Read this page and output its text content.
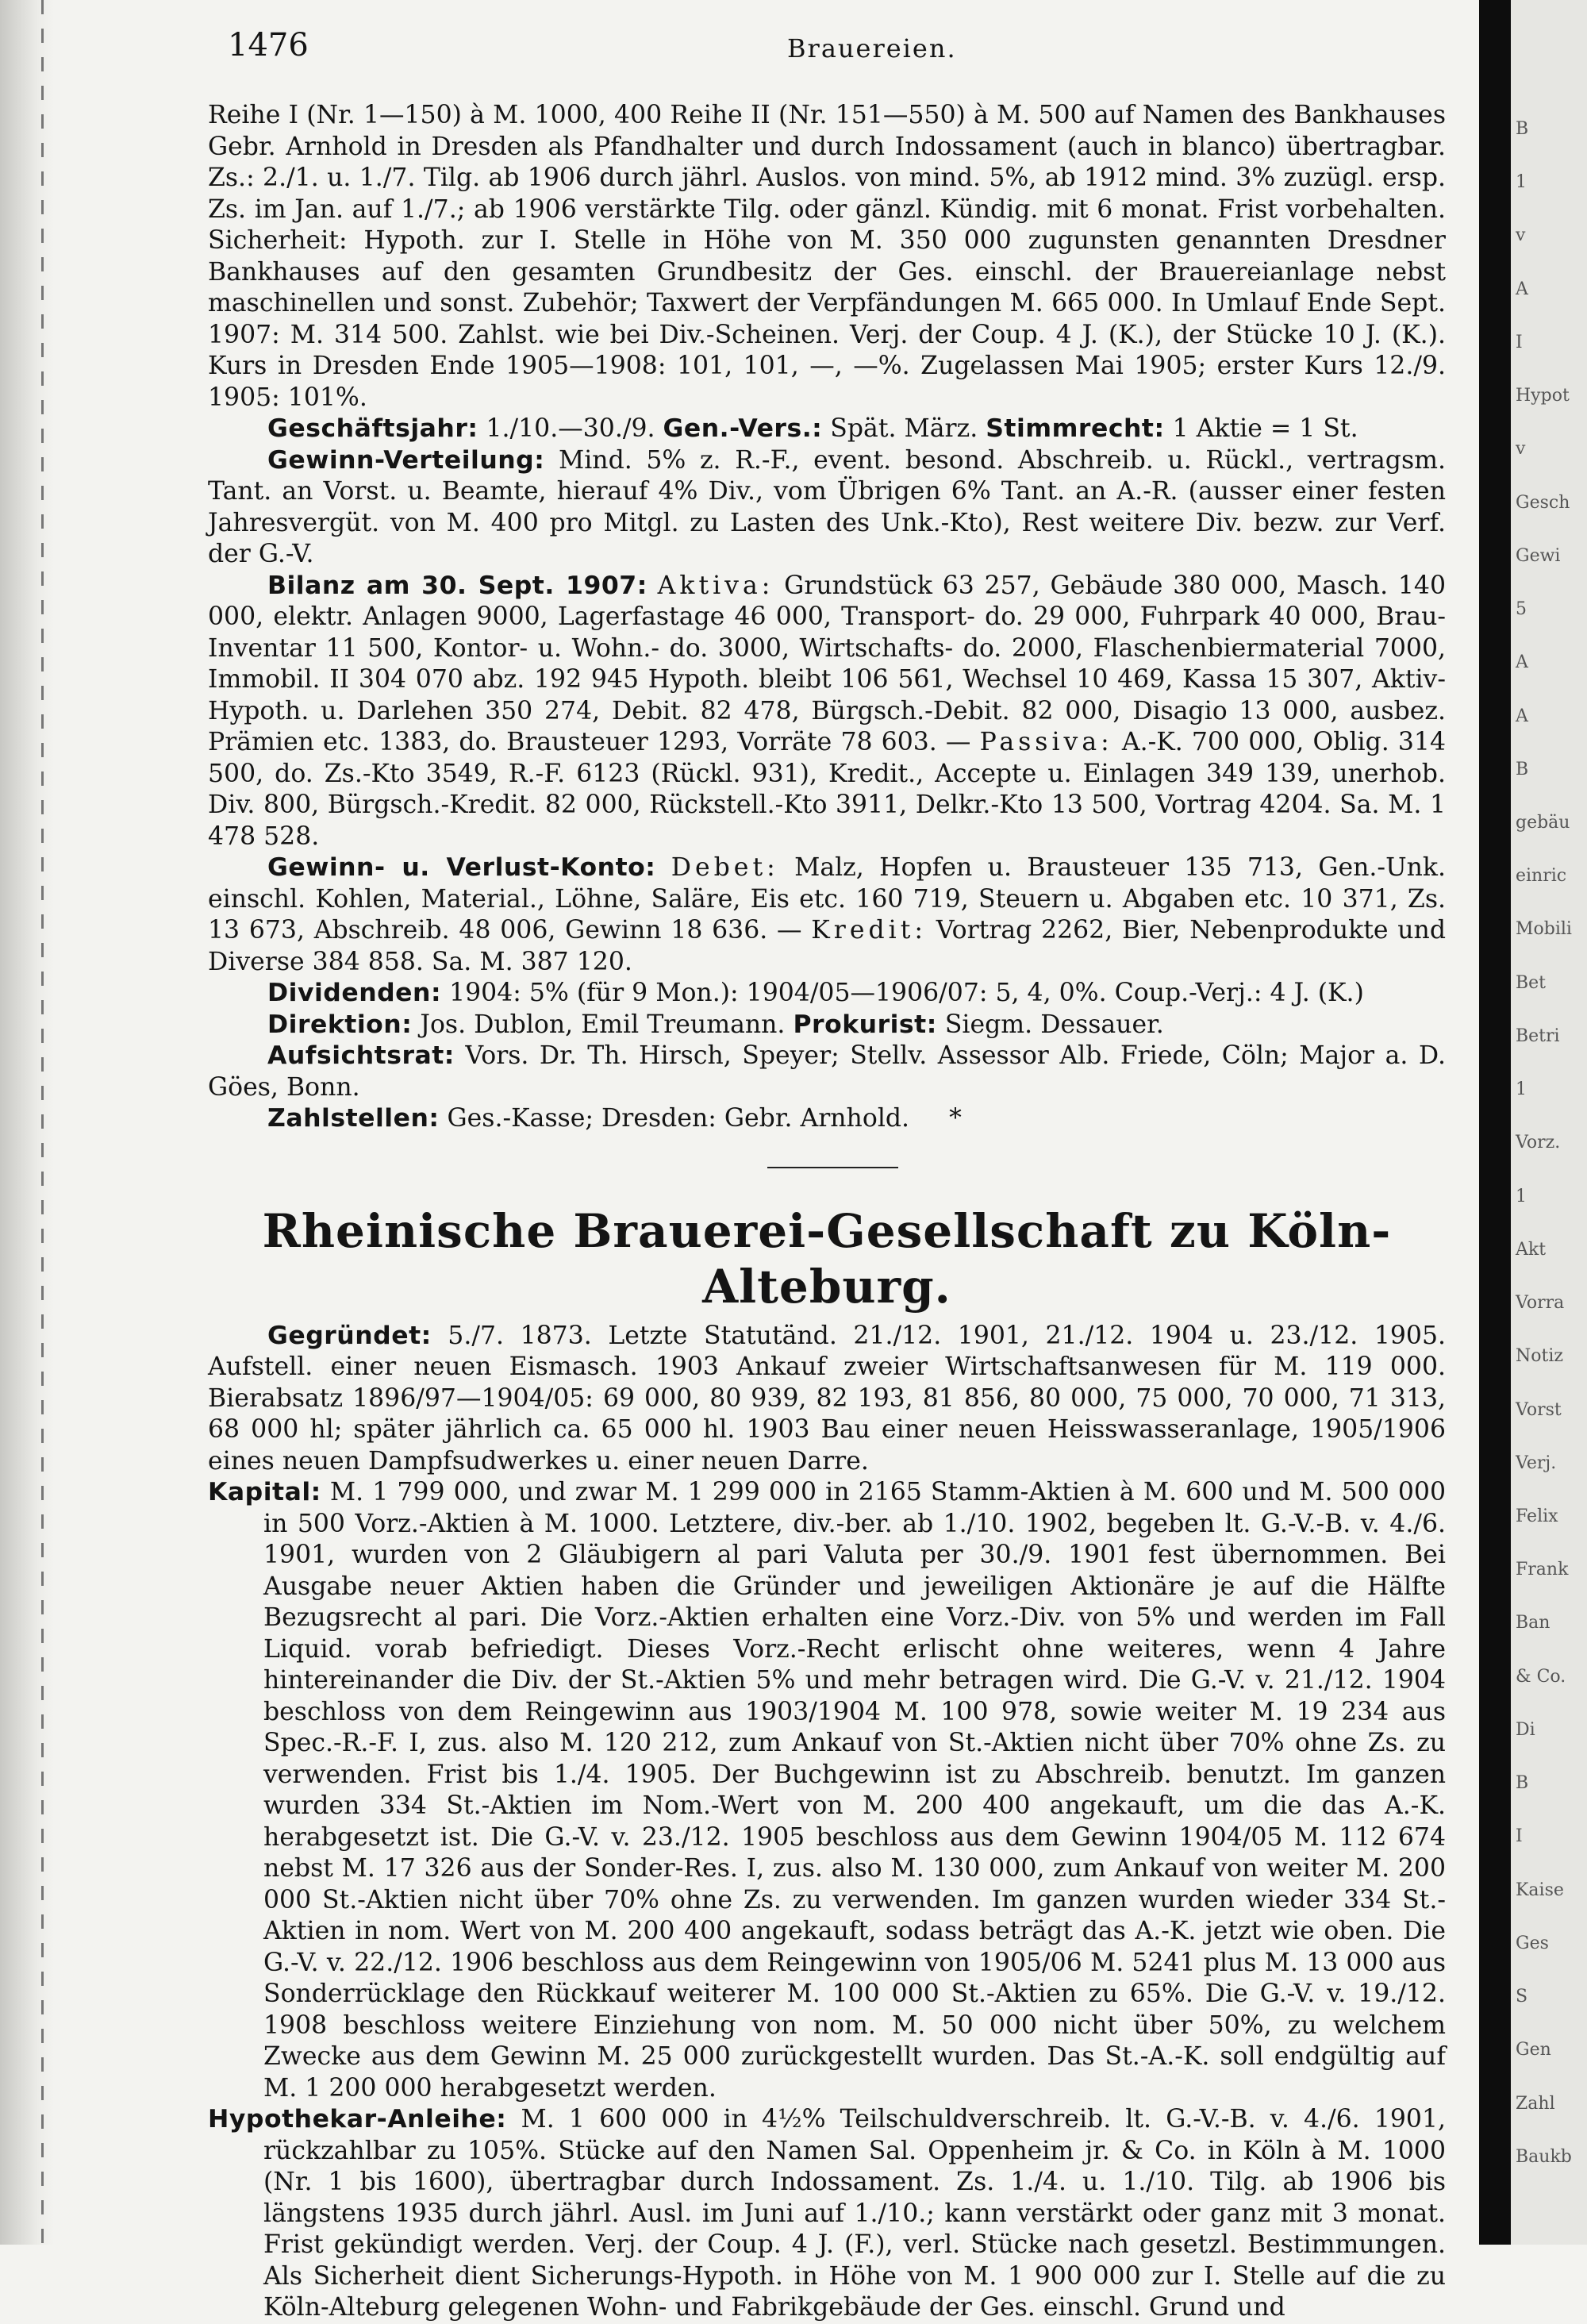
B
1
v
A
I
Hypot
v
Gesch
Gewi
5
A
A
B
gebäu
einric
Mobili
Bet
Betri
1
Vorz.
1
Akt
Vorra
Notiz
Vorst
Verj.
Felix
Frank
Ban
& Co.
Di
B
I
Kaise
Ges
S
Gen
Zahl
Baukb
1476	Brauereien.

Reihe I (Nr. 1—150) à M. 1000, 400 Reihe II (Nr. 151—550) à M. 500 auf Namen des Bankhauses Gebr. Arnhold in Dresden als Pfandhalter und durch Indossament (auch in blanco) übertragbar. Zs.: 2./1. u. 1./7. Tilg. ab 1906 durch jährl. Auslos. von mind. 5%, ab 1912 mind. 3% zuzügl. ersp. Zs. im Jan. auf 1./7.; ab 1906 verstärkte Tilg. oder gänzl. Kündig. mit 6 monat. Frist vorbehalten. Sicherheit: Hypoth. zur I. Stelle in Höhe von M. 350 000 zugunsten genannten Dresdner Bankhauses auf den gesamten Grundbesitz der Ges. einschl. der Brauereianlage nebst maschinellen und sonst. Zubehör; Taxwert der Verpfändungen M. 665 000. In Umlauf Ende Sept. 1907: M. 314 500. Zahlst. wie bei Div.-Scheinen. Verj. der Coup. 4 J. (K.), der Stücke 10 J. (K.). Kurs in Dresden Ende 1905—1908: 101, 101, —, —%. Zugelassen Mai 1905; erster Kurs 12./9. 1905: 101%.

Geschäftsjahr: 1./10.—30./9. Gen.-Vers.: Spät. März. Stimmrecht: 1 Aktie = 1 St.

Gewinn-Verteilung: Mind. 5% z. R.-F., event. besond. Abschreib. u. Rückl., vertragsm. Tant. an Vorst. u. Beamte, hierauf 4% Div., vom Übrigen 6% Tant. an A.-R. (ausser einer festen Jahresvergüt. von M. 400 pro Mitgl. zu Lasten des Unk.-Kto), Rest weitere Div. bezw. zur Verf. der G.-V.

Bilanz am 30. Sept. 1907: Aktiva: Grundstück 63 257, Gebäude 380 000, Masch. 140 000, elektr. Anlagen 9000, Lagerfastage 46 000, Transport- do. 29 000, Fuhrpark 40 000, Brau-Inventar 11 500, Kontor- u. Wohn.- do. 3000, Wirtschafts- do. 2000, Flaschenbiermaterial 7000, Immobil. II 304 070 abz. 192 945 Hypoth. bleibt 106 561, Wechsel 10 469, Kassa 15 307, Aktiv-Hypoth. u. Darlehen 350 274, Debit. 82 478, Bürgsch.-Debit. 82 000, Disagio 13 000, ausbez. Prämien etc. 1383, do. Brausteuer 1293, Vorräte 78 603. — Passiva: A.-K. 700 000, Oblig. 314 500, do. Zs.-Kto 3549, R.-F. 6123 (Rückl. 931), Kredit., Accepte u. Einlagen 349 139, unerhob. Div. 800, Bürgsch.-Kredit. 82 000, Rückstell.-Kto 3911, Delkr.-Kto 13 500, Vortrag 4204. Sa. M. 1 478 528.

Gewinn- u. Verlust-Konto: Debet: Malz, Hopfen u. Brausteuer 135 713, Gen.-Unk. einschl. Kohlen, Material., Löhne, Saläre, Eis etc. 160 719, Steuern u. Abgaben etc. 10 371, Zs. 13 673, Abschreib. 48 006, Gewinn 18 636. — Kredit: Vortrag 2262, Bier, Nebenprodukte und Diverse 384 858. Sa. M. 387 120.

Dividenden: 1904: 5% (für 9 Mon.): 1904/05—1906/07: 5, 4, 0%. Coup.-Verj.: 4 J. (K.)

Direktion: Jos. Dublon, Emil Treumann. Prokurist: Siegm. Dessauer.

Aufsichtsrat: Vors. Dr. Th. Hirsch, Speyer; Stellv. Assessor Alb. Friede, Cöln; Major a. D. Göes, Bonn.

Zahlstellen: Ges.-Kasse; Dresden: Gebr. Arnhold. *

Rheinische Brauerei-Gesellschaft zu Köln-Alteburg.

Gegründet: 5./7. 1873. Letzte Statutänd. 21./12. 1901, 21./12. 1904 u. 23./12. 1905. Aufstell. einer neuen Eismasch. 1903 Ankauf zweier Wirtschaftsanwesen für M. 119 000. Bierabsatz 1896/97—1904/05: 69 000, 80 939, 82 193, 81 856, 80 000, 75 000, 70 000, 71 313, 68 000 hl; später jährlich ca. 65 000 hl. 1903 Bau einer neuen Heisswasseranlage, 1905/1906 eines neuen Dampfsudwerkes u. einer neuen Darre.

Kapital: M. 1 799 000, und zwar M. 1 299 000 in 2165 Stamm-Aktien à M. 600 und M. 500 000 in 500 Vorz.-Aktien à M. 1000. Letztere, div.-ber. ab 1./10. 1902, begeben lt. G.-V.-B. v. 4./6. 1901, wurden von 2 Gläubigern al pari Valuta per 30./9. 1901 fest übernommen. Bei Ausgabe neuer Aktien haben die Gründer und jeweiligen Aktionäre je auf die Hälfte Bezugsrecht al pari. Die Vorz.-Aktien erhalten eine Vorz.-Div. von 5% und werden im Fall Liquid. vorab befriedigt. Dieses Vorz.-Recht erlischt ohne weiteres, wenn 4 Jahre hintereinander die Div. der St.-Aktien 5% und mehr betragen wird. Die G.-V. v. 21./12. 1904 beschloss von dem Reingewinn aus 1903/1904 M. 100 978, sowie weiter M. 19 234 aus Spec.-R.-F. I, zus. also M. 120 212, zum Ankauf von St.-Aktien nicht über 70% ohne Zs. zu verwenden. Frist bis 1./4. 1905. Der Buchgewinn ist zu Abschreib. benutzt. Im ganzen wurden 334 St.-Aktien im Nom.-Wert von M. 200 400 angekauft, um die das A.-K. herabgesetzt ist. Die G.-V. v. 23./12. 1905 beschloss aus dem Gewinn 1904/05 M. 112 674 nebst M. 17 326 aus der Sonder-Res. I, zus. also M. 130 000, zum Ankauf von weiter M. 200 000 St.-Aktien nicht über 70% ohne Zs. zu verwenden. Im ganzen wurden wieder 334 St.-Aktien in nom. Wert von M. 200 400 angekauft, sodass beträgt das A.-K. jetzt wie oben. Die G.-V. v. 22./12. 1906 beschloss aus dem Reingewinn von 1905/06 M. 5241 plus M. 13 000 aus Sonderrücklage den Rückkauf weiterer M. 100 000 St.-Aktien zu 65%. Die G.-V. v. 19./12. 1908 beschloss weitere Einziehung von nom. M. 50 000 nicht über 50%, zu welchem Zwecke aus dem Gewinn M. 25 000 zurückgestellt wurden. Das St.-A.-K. soll endgültig auf M. 1 200 000 herabgesetzt werden.

Hypothekar-Anleihe: M. 1 600 000 in 4½% Teilschuldverschreib. lt. G.-V.-B. v. 4./6. 1901, rückzahlbar zu 105%. Stücke auf den Namen Sal. Oppenheim jr. & Co. in Köln à M. 1000 (Nr. 1 bis 1600), übertragbar durch Indossament. Zs. 1./4. u. 1./10. Tilg. ab 1906 bis längstens 1935 durch jährl. Ausl. im Juni auf 1./10.; kann verstärkt oder ganz mit 3 monat. Frist gekündigt werden. Verj. der Coup. 4 J. (F.), verl. Stücke nach gesetzl. Bestimmungen. Als Sicherheit dient Sicherungs-Hypoth. in Höhe von M. 1 900 000 zur I. Stelle auf die zu Köln-Alteburg gelegenen Wohn- und Fabrikgebäude der Ges. einschl. Grund und
